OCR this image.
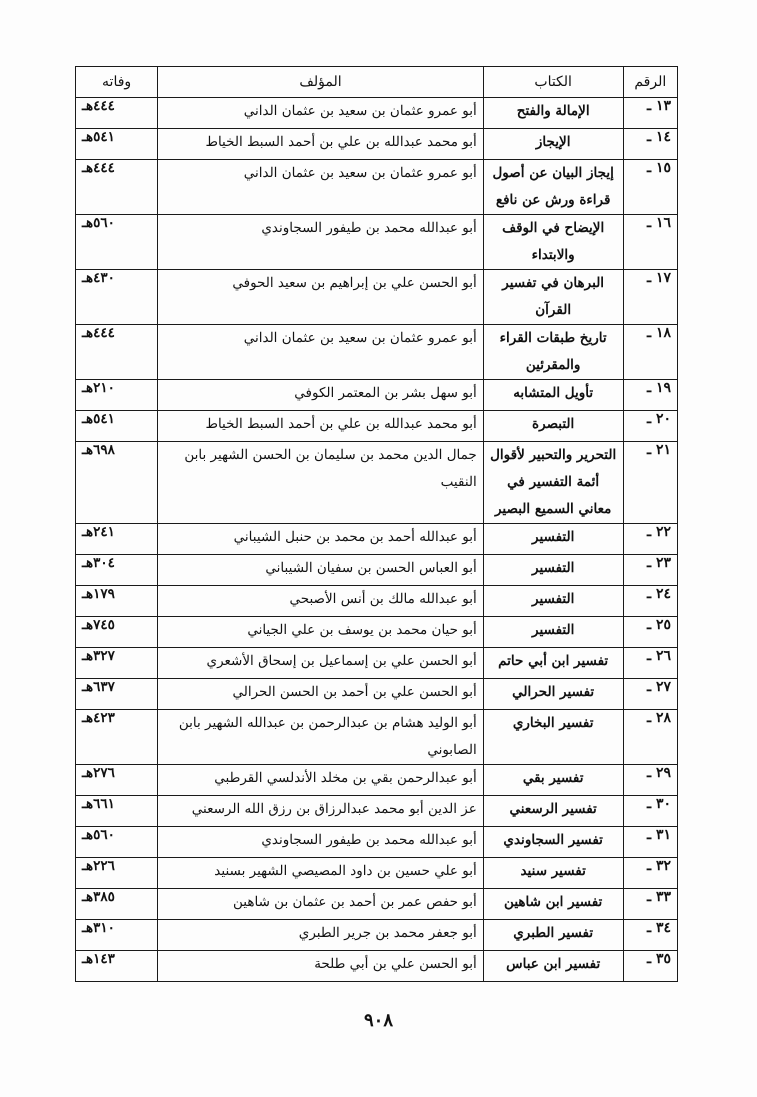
الرقم	الكتاب	المؤلف	وفاته
١٣ ـ	الإمالة والفتح	أبو عمرو عثمان بن سعيد بن عثمان الداني	٤٤٤هـ
١٤ ـ	الإيجاز	أبو محمد عبدالله بن علي بن أحمد السبط الخياط	٥٤١هـ
١٥ ـ	إيجاز البيان عن أصول قراءة ورش عن نافع	أبو عمرو عثمان بن سعيد بن عثمان الداني	٤٤٤هـ
١٦ ـ	الإيضاح في الوقف والابتداء	أبو عبدالله محمد بن طيفور السجاوندي	٥٦٠هـ
١٧ ـ	البرهان في تفسير القرآن	أبو الحسن علي بن إبراهيم بن سعيد الحوفي	٤٣٠هـ
١٨ ـ	تاريخ طبقات القراء والمقرئين	أبو عمرو عثمان بن سعيد بن عثمان الداني	٤٤٤هـ
١٩ ـ	تأويل المتشابه	أبو سهل بشر بن المعتمر الكوفي	٢١٠هـ
٢٠ ـ	التبصرة	أبو محمد عبدالله بن علي بن أحمد السبط الخياط	٥٤١هـ
٢١ ـ	التحرير والتحبير لأقوال أئمة التفسير في معاني السميع البصير	جمال الدين محمد بن سليمان بن الحسن الشهير بابن النقيب	٦٩٨هـ
٢٢ ـ	التفسير	أبو عبدالله أحمد بن محمد بن حنبل الشيباني	٢٤١هـ
٢٣ ـ	التفسير	أبو العباس الحسن بن سفيان الشيباني	٣٠٤هـ
٢٤ ـ	التفسير	أبو عبدالله مالك بن أنس الأصبحي	١٧٩هـ
٢٥ ـ	التفسير	أبو حيان محمد بن يوسف بن علي الجياني	٧٤٥هـ
٢٦ ـ	تفسير ابن أبي حاتم	أبو الحسن علي بن إسماعيل بن إسحاق الأشعري	٣٢٧هـ
٢٧ ـ	تفسير الحرالي	أبو الحسن علي بن أحمد بن الحسن الحرالي	٦٣٧هـ
٢٨ ـ	تفسير البخاري	أبو الوليد هشام بن عبدالرحمن بن عبدالله الشهير بابن الصابوني	٤٢٣هـ
٢٩ ـ	تفسير بقي	أبو عبدالرحمن بقي بن مخلد الأندلسي القرطبي	٢٧٦هـ
٣٠ ـ	تفسير الرسعني	عز الدين أبو محمد عبدالرزاق بن رزق الله الرسعني	٦٦١هـ
٣١ ـ	تفسير السجاوندي	أبو عبدالله محمد بن طيفور السجاوندي	٥٦٠هـ
٣٢ ـ	تفسير سنيد	أبو علي حسين بن داود المصيصي الشهير بسنيد	٢٢٦هـ
٣٣ ـ	تفسير ابن شاهين	أبو حفص عمر بن أحمد بن عثمان بن شاهين	٣٨٥هـ
٣٤ ـ	تفسير الطبري	أبو جعفر محمد بن جرير الطبري	٣١٠هـ
٣٥ ـ	تفسير ابن عباس	أبو الحسن علي بن أبي طلحة	١٤٣هـ
٩٠٨
